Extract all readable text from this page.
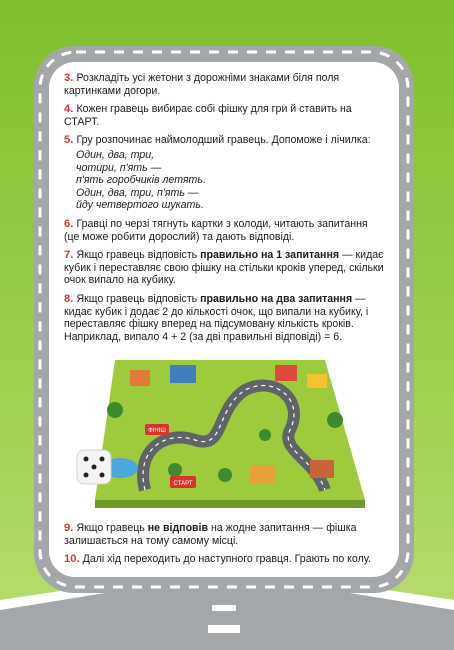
3. Розкладіть усі жетони з дорожніми знаками біля поля картинками догори.
4. Кожен гравець вибирає собі фішку для гри й ставить на СТАРТ.
5. Гру розпочинає наймолодший гравець. Допоможе і лічилка:
Один, два, три,
чотири, п'ять —
п'ять горобчиків летять.
Один, два, три, п'ять —
йду четвертого шукать.
6. Гравці по черзі тягнуть картки з колоди, читають запитання (це може робити дорослий) та дають відповіді.
7. Якщо гравець відповість правильно на 1 запитання — кидає кубик і переставляє свою фішку на стільки кроків уперед, скільки очок випало на кубику.
8. Якщо гравець відповість правильно на два запитання — кидає кубик і додає 2 до кількості очок, що випали на кубику, і переставляє фішку вперед на підсумовану кількість кроків. Наприклад, випало 4 + 2 (за дві правильні відповіді) = 6.
СТАРТ
ФІНІШ
9. Якщо гравець не відповів на жодне запитання — фішка залишається на тому самому місці.
10. Далі хід переходить до наступного гравця. Грають по колу.
